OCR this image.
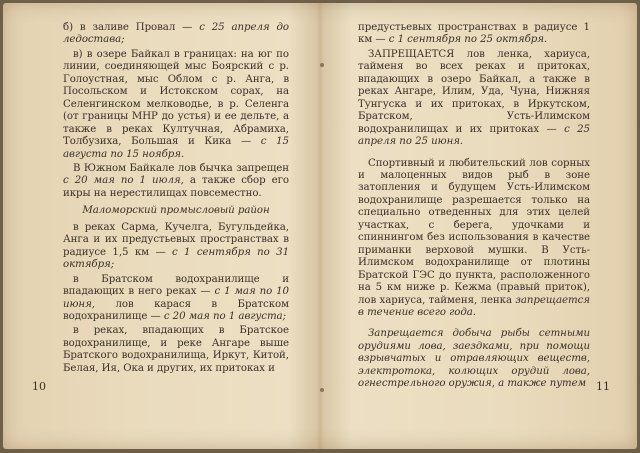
б) в заливе Провал — с 25 апреля до ледостава;

в) в озере Байкал в границах: на юг по линии, соединяющей мыс Боярский с р. Голоустная, мыс Облом с р. Анга, в Посольском и Истокском сорах, на Селенгинском мелководье, в р. Селенга (от границы МНР до устья) и ее дельте, а также в реках Култучная, Абрамиха, Толбузиха, Большая и Кика — с 15 августа по 15 ноября.

В Южном Байкале лов бычка запрещен с 20 мая по 1 июля, а также сбор его икры на нерестилищах повсеместно.

Маломорский промысловый район

в реках Сарма, Кучелга, Бугульдейка, Анга и их предустьевых пространствах в радиусе 1,5 км — с 1 сентября по 31 октября;

в Братском водохранилище и впадающих в него реках — с 1 мая по 10 июня, лов карася в Братском водохранилище — с 20 мая по 1 августа;

в реках, впадающих в Братское водохранилище, и реке Ангаре выше Братского водохранилища, Иркут, Китой, Белая, Ия, Ока и других, их притоках и

10

предустьевых пространствах в радиусе 1 км — с 1 сентября по 25 октября.

ЗАПРЕЩАЕТСЯ лов ленка, хариуса, тайменя во всех реках и притоках, впадающих в озеро Байкал, а также в реках Ангаре, Илим, Уда, Чуна, Нижняя Тунгуска и их притоках, в Иркутском, Братском, Усть-Илимском водохранилищах и их притоках — с 25 апреля по 25 июня.

Спортивный и любительский лов сорных и малоценных видов рыб в зоне затопления и будущем Усть-Илимском водохранилище разрешается только на специально отведенных для этих целей участках, с берега, удочками и спиннингом без использования в качестве приманки верховой мушки. В Усть-Илимском водохранилище от плотины Братской ГЭС до пункта, расположенного на 5 км ниже р. Кежма (правый приток), лов хариуса, тайменя, ленка запрещается в течение всего года.

Запрещается добыча рыбы сетными орудиями лова, заездками, при помощи взрывчатых и отравляющих веществ, электротока, колющих орудий лова, огнестрельного оружия, а также путем 11
